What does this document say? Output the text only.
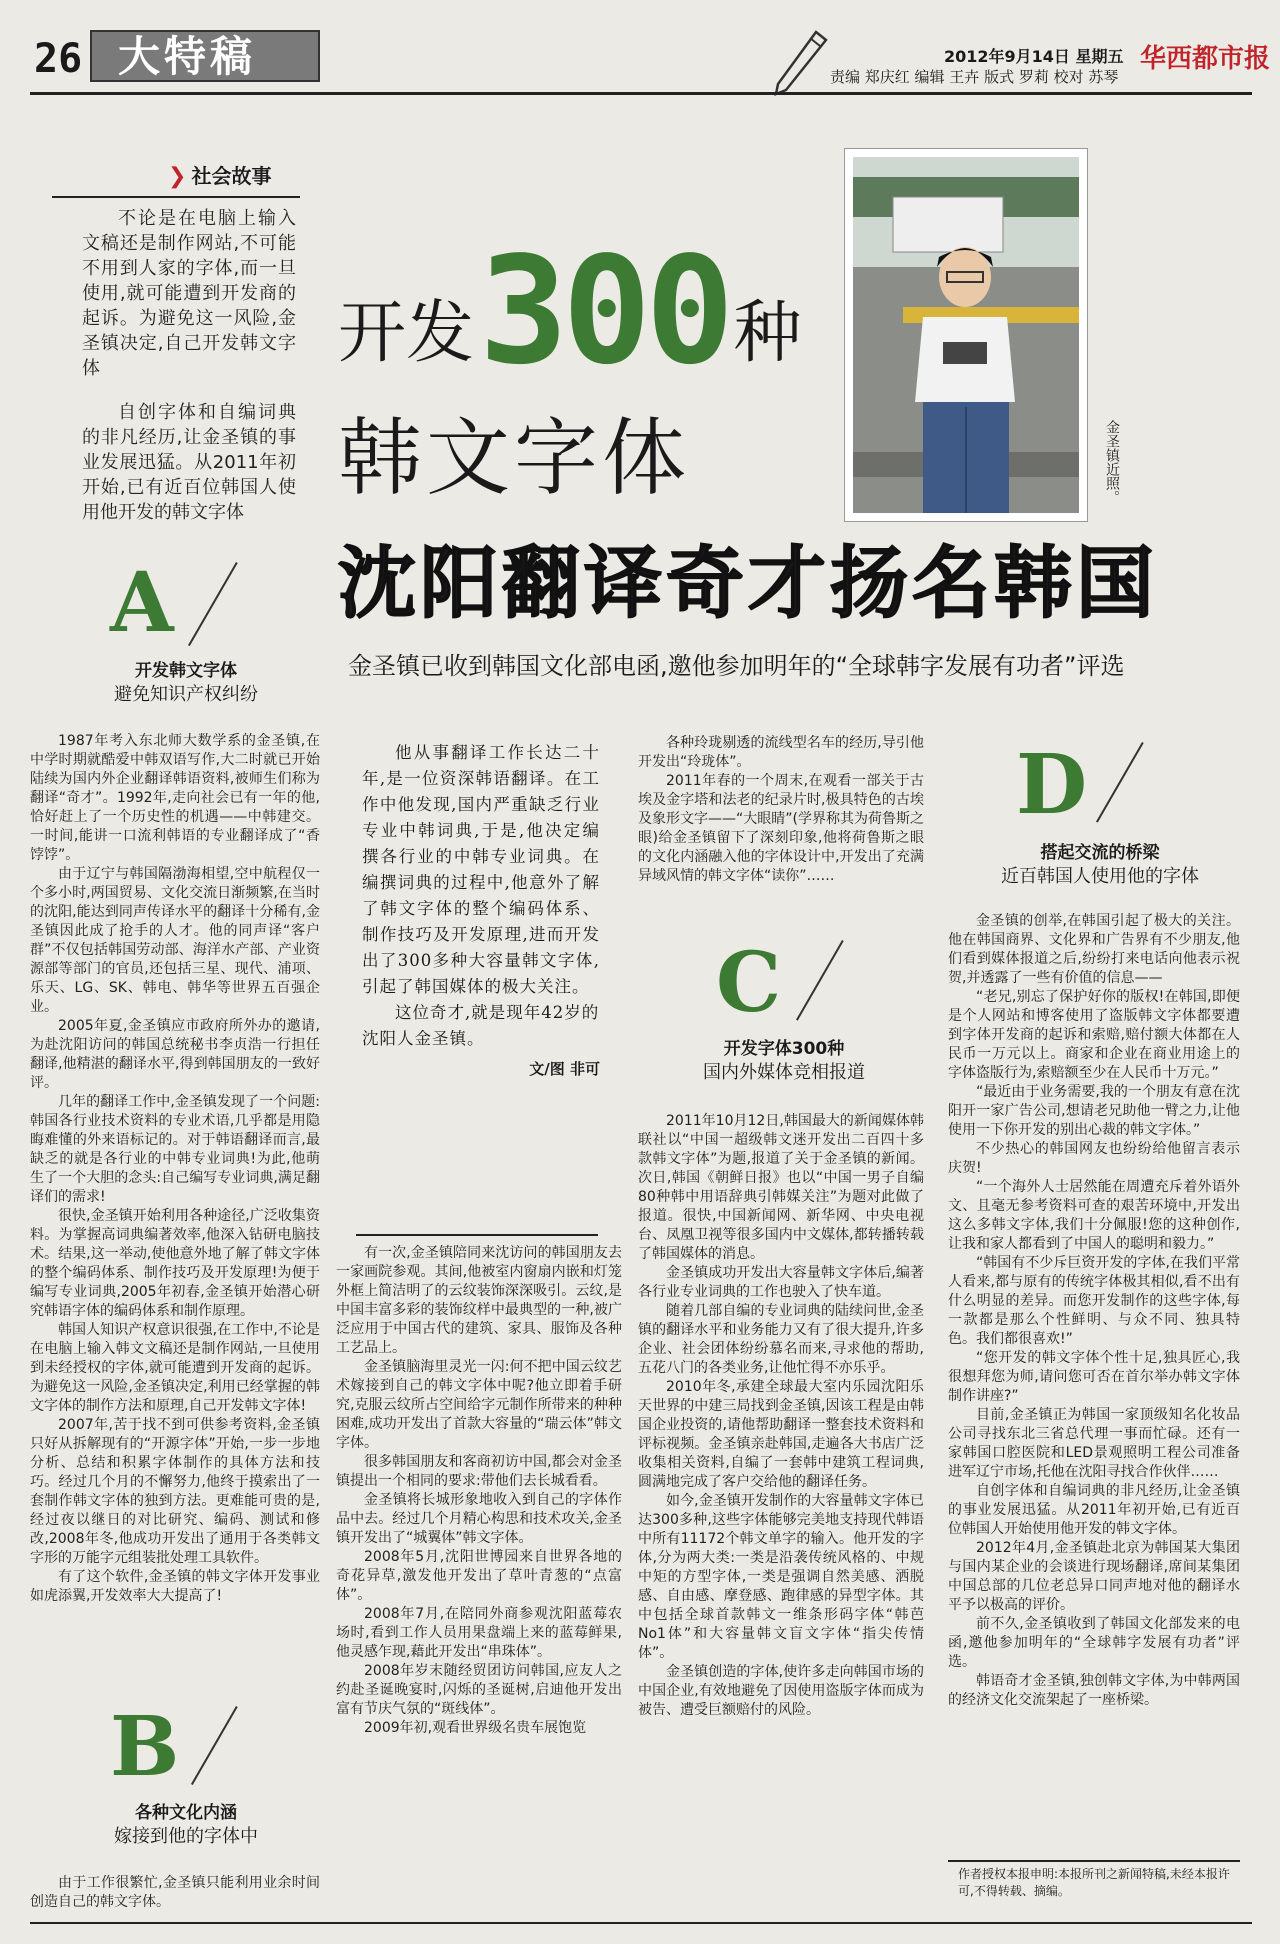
26 大特稿	2012年9月14日 星期五 华西都市报
责编 郑庆红 编辑 王卉 版式 罗莉 校对 苏琴
❯ 社会故事
不论是在电脑上输入文稿还是制作网站,不可能不用到人家的字体,而一旦使用,就可能遭到开发商的起诉。为避免这一风险,金圣镇决定,自己开发韩文字体
自创字体和自编词典的非凡经历,让金圣镇的事业发展迅猛。从2011年初开始,已有近百位韩国人使用他开发的韩文字体
开发 300 种
韩文字体
沈阳翻译奇才扬名韩国
金圣镇已收到韩国文化部电函,邀他参加明年的“全球韩字发展有功者”评选
金圣镇近照。
A
开发韩文字体
避免知识产权纠纷
他从事翻译工作长达二十年,是一位资深韩语翻译。在工作中他发现,国内严重缺乏行业专业中韩词典,于是,他决定编撰各行业的中韩专业词典。在编撰词典的过程中,他意外了解了韩文字体的整个编码体系、制作技巧及开发原理,进而开发出了300多种大容量韩文字体,引起了韩国媒体的极大关注。
这位奇才,就是现年42岁的沈阳人金圣镇。
文/图 非可

1987年考入东北师大数学系的金圣镇,在中学时期就酷爱中韩双语写作,大二时就已开始陆续为国内外企业翻译韩语资料,被师生们称为翻译“奇才”。1992年,走向社会已有一年的他,恰好赶上了一个历史性的机遇——中韩建交。一时间,能讲一口流利韩语的专业翻译成了“香饽饽”。

由于辽宁与韩国隔渤海相望,空中航程仅一个多小时,两国贸易、文化交流日渐频繁,在当时的沈阳,能达到同声传译水平的翻译十分稀有,金圣镇因此成了抢手的人才。他的同声译“客户群”不仅包括韩国劳动部、海洋水产部、产业资源部等部门的官员,还包括三星、现代、浦项、乐天、LG、SK、韩电、韩华等世界五百强企业。

2005年夏,金圣镇应市政府所外办的邀请,为赴沈阳访问的韩国总统秘书李贞浩一行担任翻译,他精湛的翻译水平,得到韩国朋友的一致好评。

几年的翻译工作中,金圣镇发现了一个问题:韩国各行业技术资料的专业术语,几乎都是用隐晦难懂的外来语标记的。对于韩语翻译而言,最缺乏的就是各行业的中韩专业词典!为此,他萌生了一个大胆的念头:自己编写专业词典,满足翻译们的需求!

很快,金圣镇开始利用各种途径,广泛收集资料。为掌握高词典编著效率,他深入钻研电脑技术。结果,这一举动,使他意外地了解了韩文字体的整个编码体系、制作技巧及开发原理!为便于编写专业词典,2005年初春,金圣镇开始潜心研究韩语字体的编码体系和制作原理。

韩国人知识产权意识很强,在工作中,不论是在电脑上输入韩文文稿还是制作网站,一旦使用到未经授权的字体,就可能遭到开发商的起诉。为避免这一风险,金圣镇决定,利用已经掌握的韩文字体的制作方法和原理,自己开发韩文字体!

2007年,苦于找不到可供参考资料,金圣镇只好从拆解现有的“开源字体”开始,一步一步地分析、总结和积累字体制作的具体方法和技巧。经过几个月的不懈努力,他终于摸索出了一套制作韩文字体的独到方法。更难能可贵的是,经过夜以继日的对比研究、编码、测试和修改,2008年冬,他成功开发出了通用于各类韩文字形的万能字元组装批处理工具软件。

有了这个软件,金圣镇的韩文字体开发事业如虎添翼,开发效率大大提高了!

B
各种文化内涵
嫁接到他的字体中
由于工作很繁忙,金圣镇只能利用业余时间创造自己的韩文字体。

有一次,金圣镇陪同来沈访问的韩国朋友去一家画院参观。其间,他被室内窗扇内嵌和灯笼外框上简洁明了的云纹装饰深深吸引。云纹,是中国丰富多彩的装饰纹样中最典型的一种,被广泛应用于中国古代的建筑、家具、服饰及各种工艺品上。

金圣镇脑海里灵光一闪:何不把中国云纹艺术嫁接到自己的韩文字体中呢?他立即着手研究,克服云纹所占空间给字元制作所带来的种种困难,成功开发出了首款大容量的“瑞云体”韩文字体。

很多韩国朋友和客商初访中国,都会对金圣镇提出一个相同的要求:带他们去长城看看。

金圣镇将长城形象地收入到自己的字体作品中去。经过几个月精心构思和技术攻关,金圣镇开发出了“城翼体”韩文字体。

2008年5月,沈阳世博园来自世界各地的奇花异草,激发他开发出了草叶青葱的“点富体”。

2008年7月,在陪同外商参观沈阳蓝莓农场时,看到工作人员用果盘端上来的蓝莓鲜果,他灵感乍现,藉此开发出“串珠体”。

2008年岁末随经贸团访问韩国,应友人之约赴圣诞晚宴时,闪烁的圣诞树,启迪他开发出富有节庆气氛的“斑线体”。

2009年初,观看世界级名贵车展饱览

各种玲珑剔透的流线型名车的经历,导引他开发出“玲珑体”。

2011年春的一个周末,在观看一部关于古埃及金字塔和法老的纪录片时,极具特色的古埃及象形文字——“大眼睛”(学界称其为荷鲁斯之眼)给金圣镇留下了深刻印象,他将荷鲁斯之眼的文化内涵融入他的字体设计中,开发出了充满异域风情的韩文字体“读你”……

C
开发字体300种
国内外媒体竞相报道

2011年10月12日,韩国最大的新闻媒体韩联社以“中国一超级韩文迷开发出二百四十多款韩文字体”为题,报道了关于金圣镇的新闻。次日,韩国《朝鲜日报》也以“中国一男子自编80种韩中用语辞典引韩媒关注”为题对此做了报道。很快,中国新闻网、新华网、中央电视台、凤凰卫视等很多国内中文媒体,都转播转载了韩国媒体的消息。

金圣镇成功开发出大容量韩文字体后,编著各行业专业词典的工作也驶入了快车道。

随着几部自编的专业词典的陆续问世,金圣镇的翻译水平和业务能力又有了很大提升,许多企业、社会团体纷纷慕名而来,寻求他的帮助,五花八门的各类业务,让他忙得不亦乐乎。

2010年冬,承建全球最大室内乐园沈阳乐天世界的中建三局找到金圣镇,因该工程是由韩国企业投资的,请他帮助翻译一整套技术资料和评标视频。金圣镇亲赴韩国,走遍各大书店广泛收集相关资料,自编了一套韩中建筑工程词典,圆满地完成了客户交给他的翻译任务。

如今,金圣镇开发制作的大容量韩文字体已达300多种,这些字体能够完美地支持现代韩语中所有11172个韩文单字的输入。他开发的字体,分为两大类:一类是沿袭传统风格的、中规中矩的方型字体,一类是强调自然美感、洒脱感、自由感、摩登感、跑律感的异型字体。其中包括全球首款韩文一维条形码字体“韩芭No1体”和大容量韩文盲文字体“指尖传情体”。

金圣镇创造的字体,使许多走向韩国市场的中国企业,有效地避免了因使用盗版字体而成为被告、遭受巨额赔付的风险。

D
搭起交流的桥梁
近百韩国人使用他的字体

金圣镇的创举,在韩国引起了极大的关注。他在韩国商界、文化界和广告界有不少朋友,他们看到媒体报道之后,纷纷打来电话向他表示祝贺,并透露了一些有价值的信息——

“老兄,别忘了保护好你的版权!在韩国,即便是个人网站和博客使用了盗版韩文字体都要遭到字体开发商的起诉和索赔,赔付额大体都在人民币一万元以上。商家和企业在商业用途上的字体盗版行为,索赔额至少在人民币十万元。”

“最近由于业务需要,我的一个朋友有意在沈阳开一家广告公司,想请老兄助他一臂之力,让他使用一下你开发的别出心裁的韩文字体。”

不少热心的韩国网友也纷纷给他留言表示庆贺!

“一个海外人士居然能在周遭充斥着外语外文、且毫无参考资料可查的艰苦环境中,开发出这么多韩文字体,我们十分佩服!您的这种创作,让我和家人都看到了中国人的聪明和毅力。”

“韩国有不少斥巨资开发的字体,在我们平常人看来,都与原有的传统字体极其相似,看不出有什么明显的差异。而您开发制作的这些字体,每一款都是那么个性鲜明、与众不同、独具特色。我们都很喜欢!”

“您开发的韩文字体个性十足,独具匠心,我很想拜您为师,请问您可否在首尔举办韩文字体制作讲座?”

目前,金圣镇正为韩国一家顶级知名化妆品公司寻找东北三省总代理一事而忙碌。还有一家韩国口腔医院和LED景观照明工程公司准备进军辽宁市场,托他在沈阳寻找合作伙伴……

自创字体和自编词典的非凡经历,让金圣镇的事业发展迅猛。从2011年初开始,已有近百位韩国人开始使用他开发的韩文字体。

2012年4月,金圣镇赴北京为韩国某大集团与国内某企业的会谈进行现场翻译,席间某集团中国总部的几位老总异口同声地对他的翻译水平予以极高的评价。

前不久,金圣镇收到了韩国文化部发来的电函,邀他参加明年的“全球韩字发展有功者”评选。

韩语奇才金圣镇,独创韩文字体,为中韩两国的经济文化交流架起了一座桥梁。

作者授权本报申明:本报所刊之新闻特稿,未经本报许可,不得转载、摘编。
